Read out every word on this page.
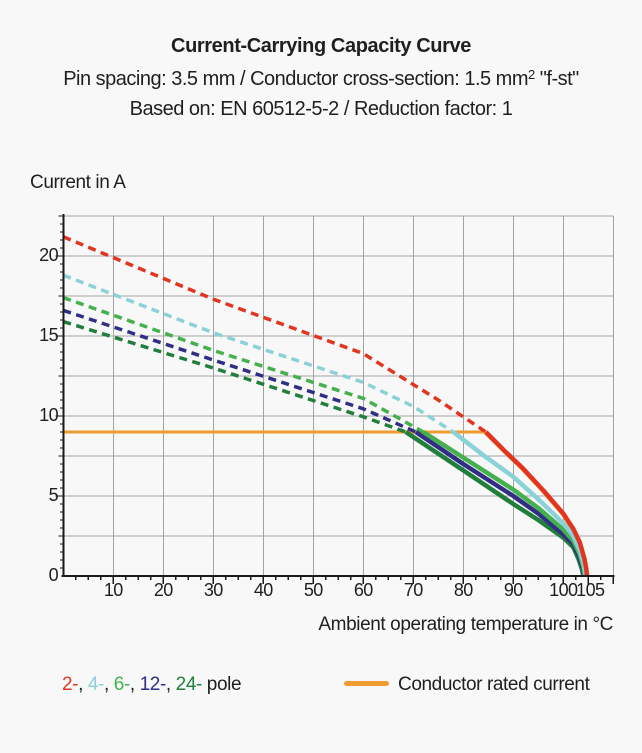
Current-Carrying Capacity Curve
Pin spacing: 3.5 mm / Conductor cross-section: 1.5 $mm^2$ "f-st"
Based on: EN 60512-5-2 / Reduction factor: 1
Current in A
10 20 30 40 50 60 70 80 90 100
105
0
5
10
15
20
Ambient operating temperature in °C
2-, 4-, 6-, 12-, 24- pole	Conductor rated current
